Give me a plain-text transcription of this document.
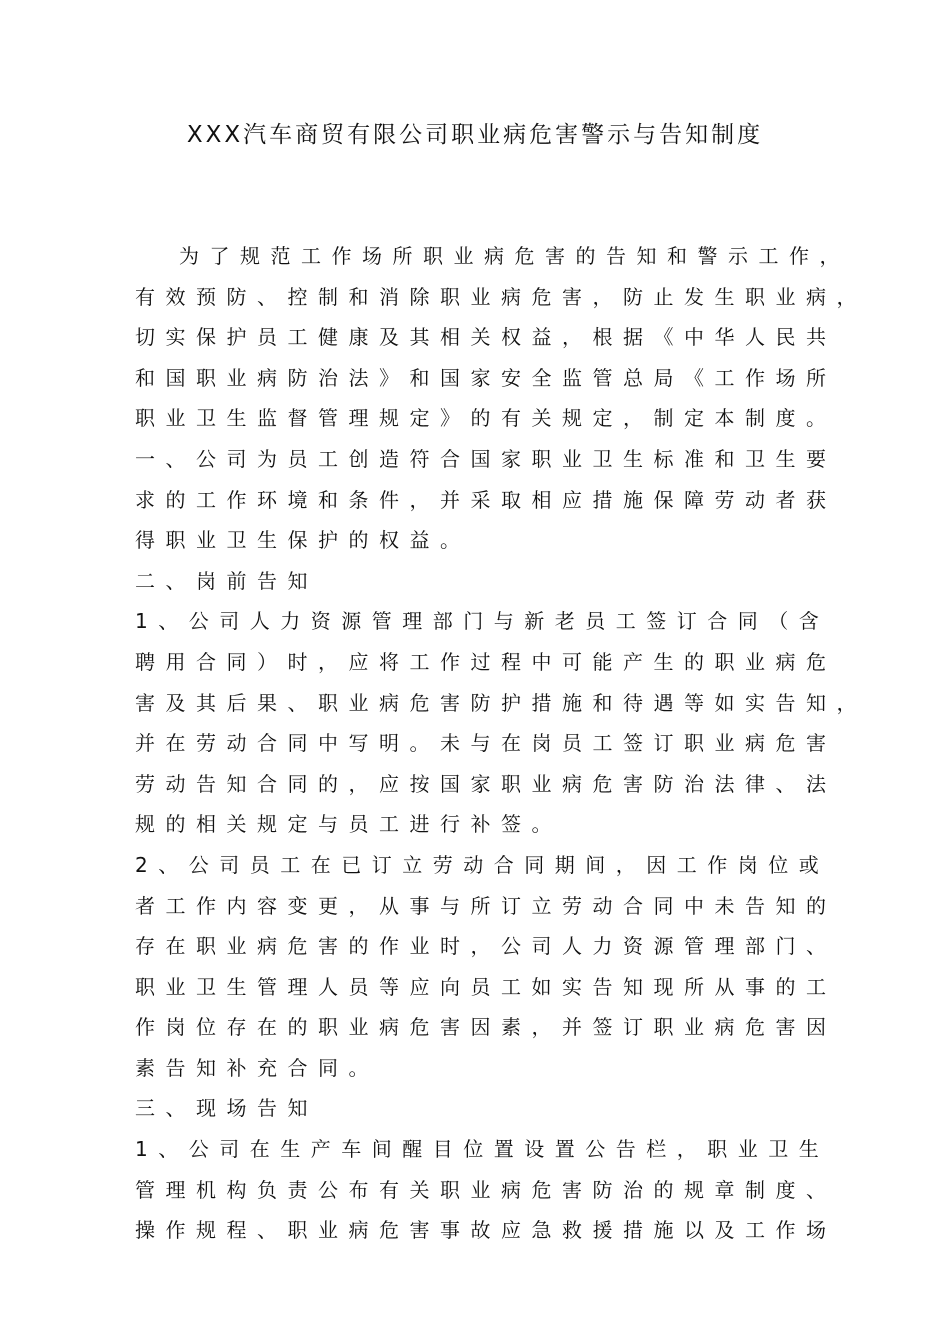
XXX汽车商贸有限公司职业病危害警示与告知制度
为了规范工作场所职业病危害的告知和警示工作，
有效预防、控制和消除职业病危害，防止发生职业病，
切实保护员工健康及其相关权益，根据《中华人民共
和国职业病防治法》和国家安全监管总局《工作场所
职业卫生监督管理规定》的有关规定，制定本制度。
一、公司为员工创造符合国家职业卫生标准和卫生要
求的工作环境和条件，并采取相应措施保障劳动者获
得职业卫生保护的权益。
二、岗前告知
1、公司人力资源管理部门与新老员工签订合同（含
聘用合同）时，应将工作过程中可能产生的职业病危
害及其后果、职业病危害防护措施和待遇等如实告知，
并在劳动合同中写明。未与在岗员工签订职业病危害
劳动告知合同的，应按国家职业病危害防治法律、法
规的相关规定与员工进行补签。
2、公司员工在已订立劳动合同期间，因工作岗位或
者工作内容变更，从事与所订立劳动合同中未告知的
存在职业病危害的作业时，公司人力资源管理部门、
职业卫生管理人员等应向员工如实告知现所从事的工
作岗位存在的职业病危害因素，并签订职业病危害因
素告知补充合同。
三、现场告知
1、公司在生产车间醒目位置设置公告栏，职业卫生
管理机构负责公布有关职业病危害防治的规章制度、
操作规程、职业病危害事故应急救援措施以及工作场
